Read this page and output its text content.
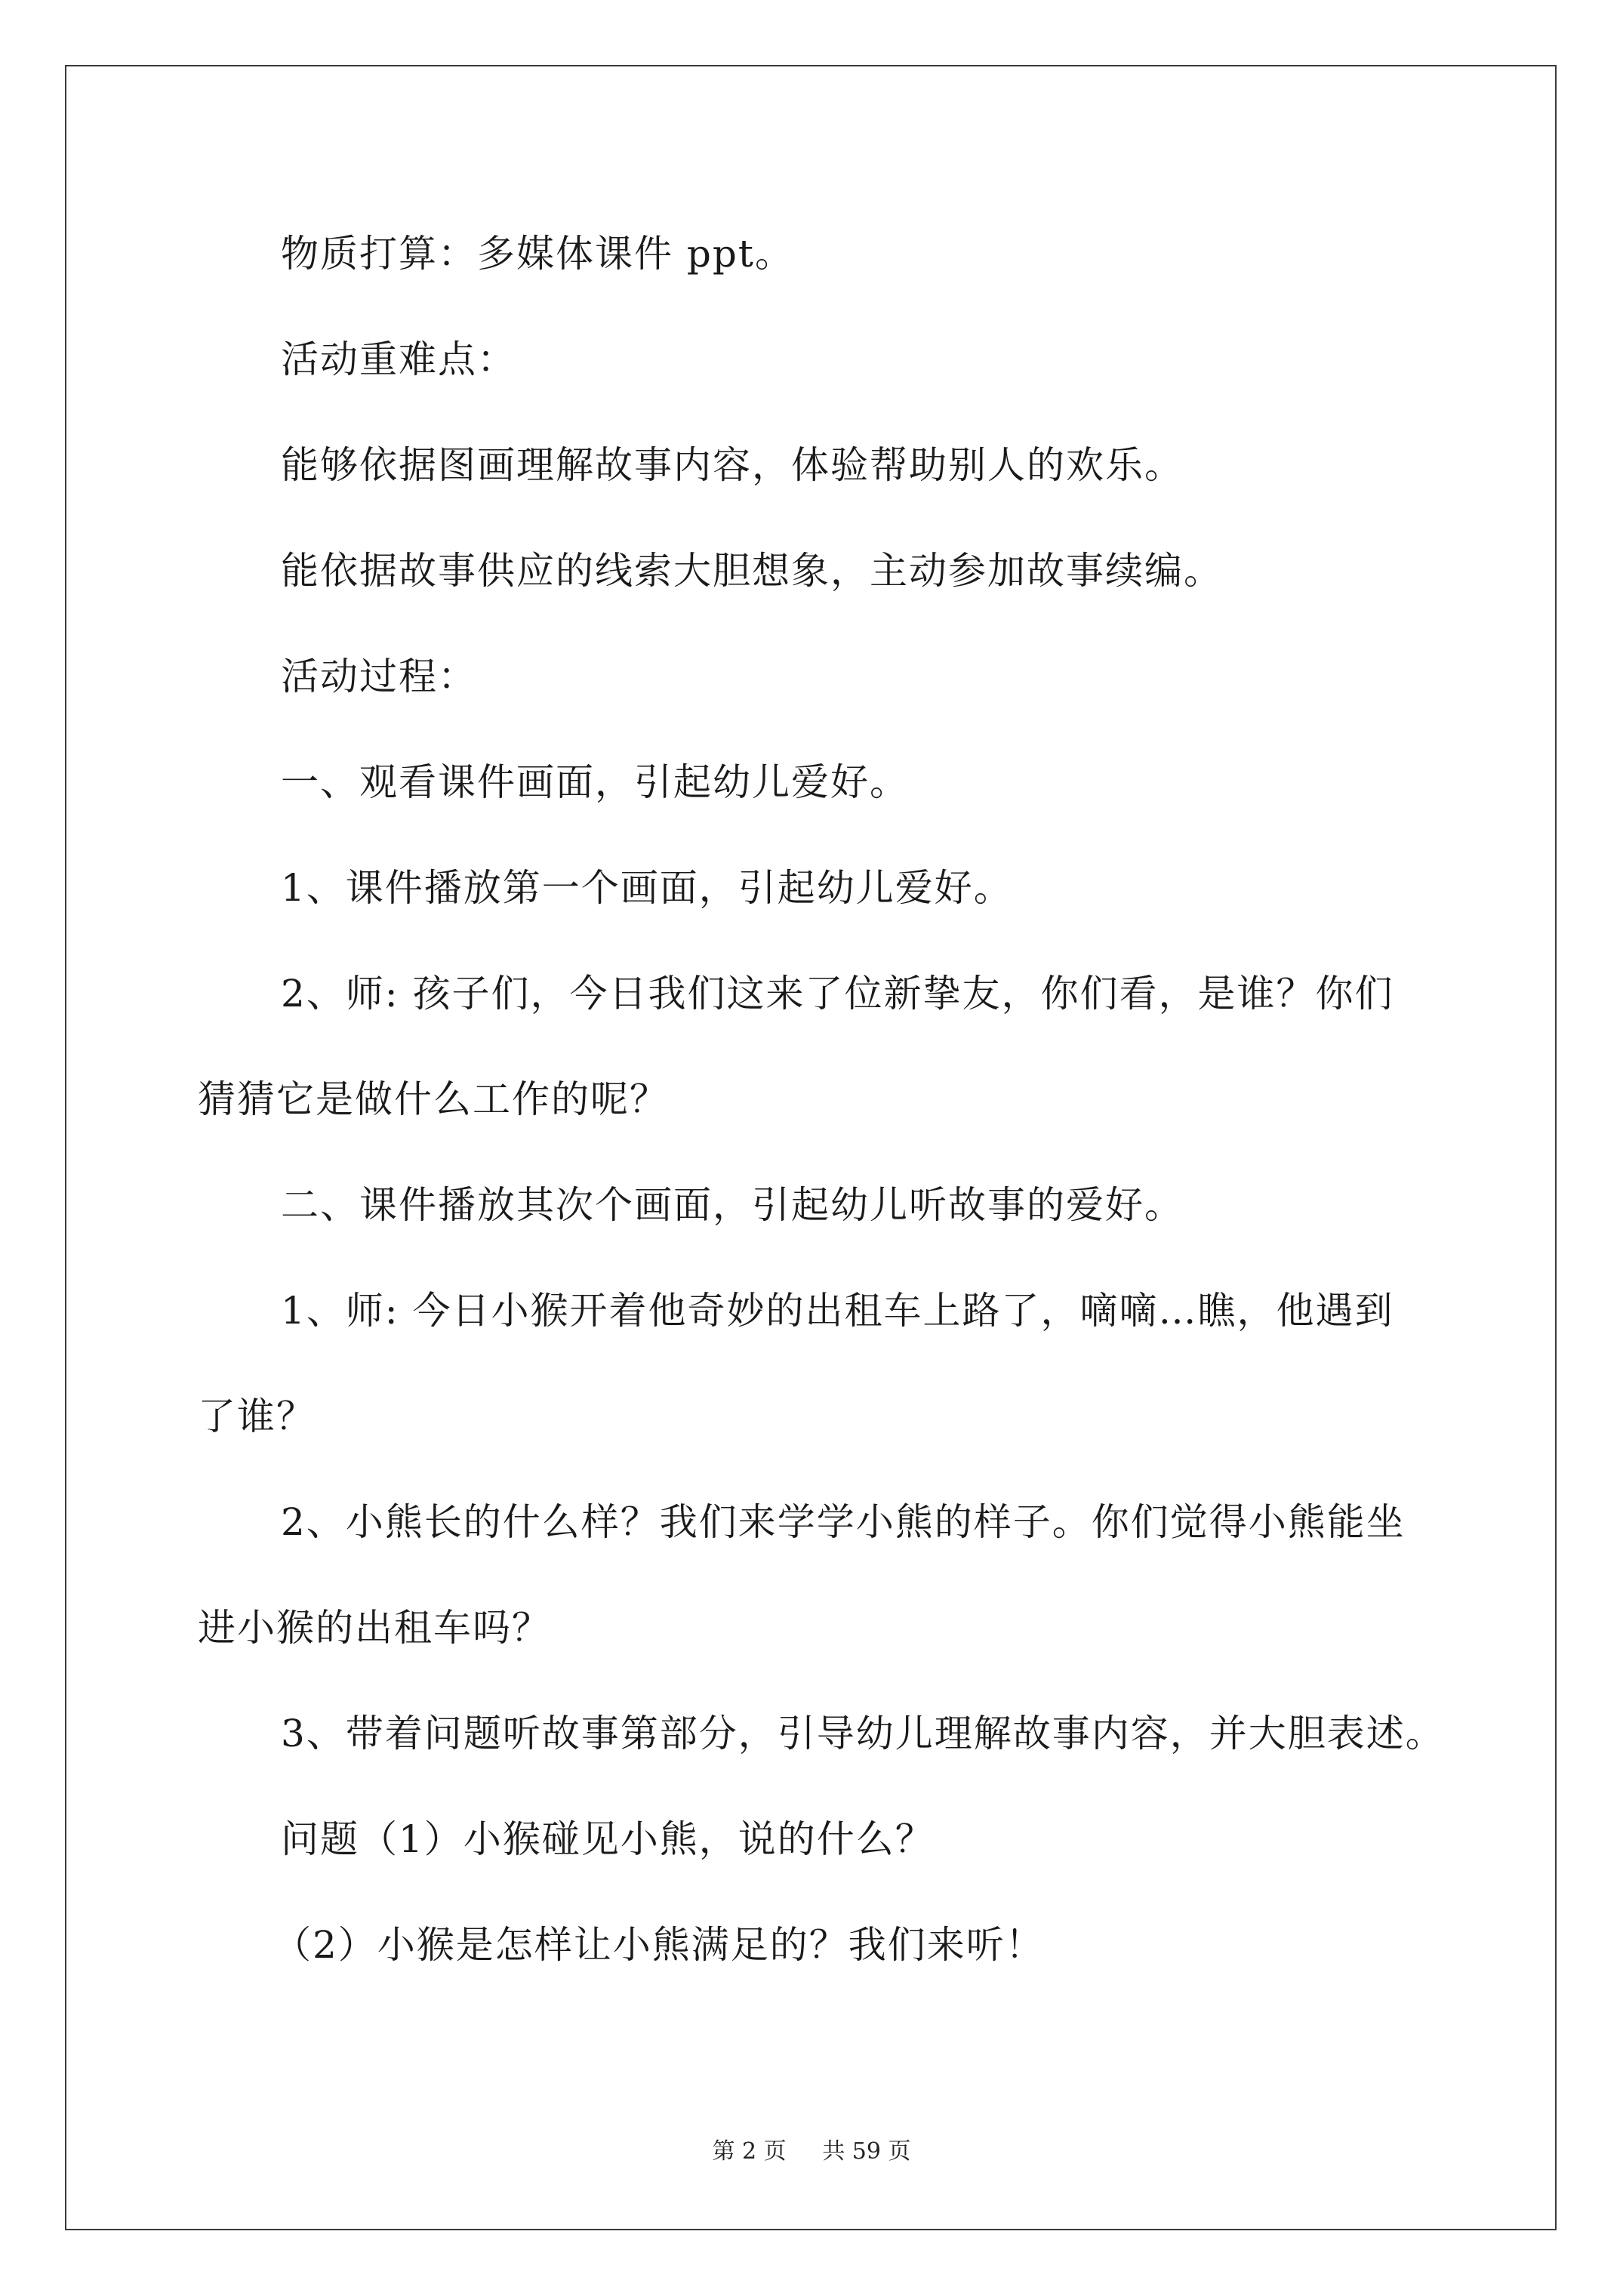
物质打算：多媒体课件 ppt。
活动重难点：
能够依据图画理解故事内容，体验帮助别人的欢乐。
能依据故事供应的线索大胆想象，主动参加故事续编。
活动过程：
一、观看课件画面，引起幼儿爱好。
1、课件播放第一个画面，引起幼儿爱好。
2、师: 孩子们，今日我们这来了位新挚友，你们看，是谁？你们
猜猜它是做什么工作的呢？
二、课件播放其次个画面，引起幼儿听故事的爱好。
1、师: 今日小猴开着他奇妙的出租车上路了，嘀嘀…瞧，他遇到
了谁？
2、小熊长的什么样？我们来学学小熊的样子。你们觉得小熊能坐
进小猴的出租车吗？
3、带着问题听故事第部分，引导幼儿理解故事内容，并大胆表述。
问题（1）小猴碰见小熊，说的什么？
（2）小猴是怎样让小熊满足的？我们来听！
第 2 页 共 59 页
